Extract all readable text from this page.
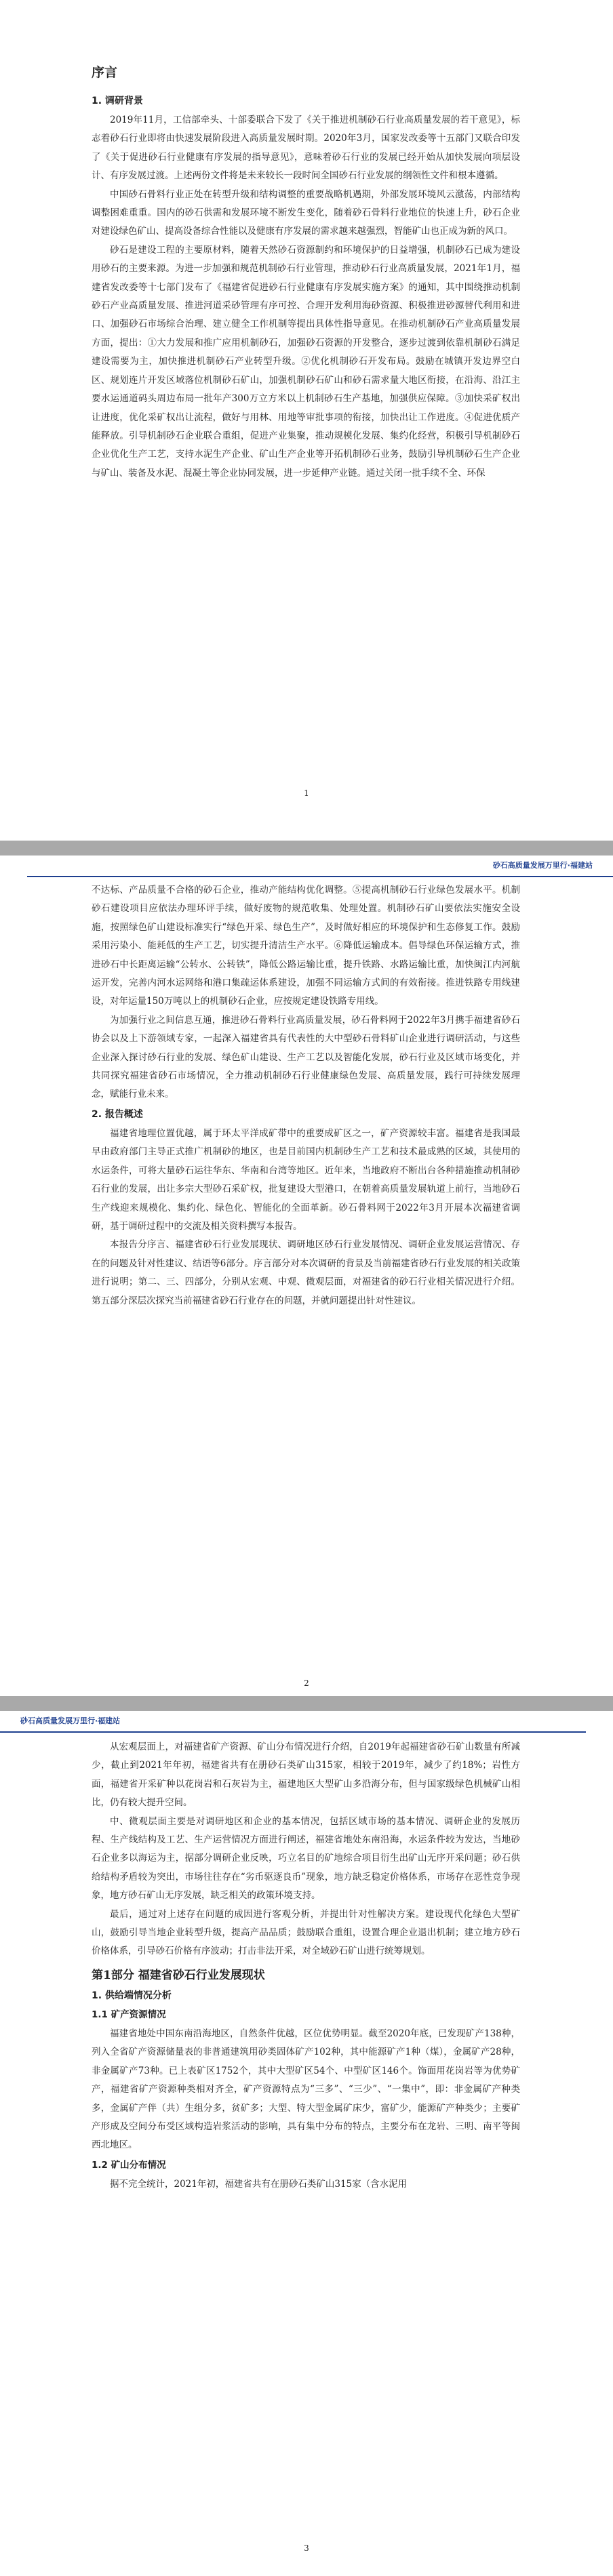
序言
1. 调研背景

2019年11月，工信部牵头、十部委联合下发了《关于推进机制砂石行业高质量发展的若干意见》，标志着砂石行业即将由快速发展阶段进入高质量发展时期。2020年3月，国家发改委等十五部门又联合印发了《关于促进砂石行业健康有序发展的指导意见》，意味着砂石行业的发展已经开始从加快发展向项层设计、有序发展过渡。上述两份文件将是未来较长一段时间全国砂石行业发展的纲领性文件和根本遵循。

中国砂石骨料行业正处在转型升级和结构调整的重要战略机遇期，外部发展环境风云激荡，内部结构调整困难重重。国内的砂石供需和发展环境不断发生变化，随着砂石骨料行业地位的快速上升，砂石企业对建设绿色矿山、提高设备综合性能以及健康有序发展的需求越来越强烈，智能矿山也正成为新的风口。

砂石是建设工程的主要原材料，随着天然砂石资源制约和环境保护的日益增强，机制砂石已成为建设用砂石的主要来源。为进一步加强和规范机制砂石行业管理，推动砂石行业高质量发展，2021年1月，福建省发改委等十七部门发布了《福建省促进砂石行业健康有序发展实施方案》的通知，其中围绕推动机制砂石产业高质量发展、推进河道采砂管理有序可控、合理开发利用海砂资源、积极推进砂源替代利用和进口、加强砂石市场综合治理、建立健全工作机制等提出具体性指导意见。在推动机制砂石产业高质量发展方面，提出：①大力发展和推广应用机制砂石，加强砂石资源的开发整合，逐步过渡到依靠机制砂石满足建设需要为主，加快推进机制砂石产业转型升级。②优化机制砂石开发布局。鼓励在城镇开发边界空白区、规划连片开发区域落位机制砂石矿山，加强机制砂石矿山和砂石需求量大地区衔接，在沿海、沿江主要水运通道码头周边布局一批年产300万立方米以上机制砂石生产基地，加强供应保障。③加快采矿权出让进度，优化采矿权出让流程，做好与用林、用地等审批事项的衔接，加快出让工作进度。④促进优质产能释放。引导机制砂石企业联合重组，促进产业集聚，推动规模化发展、集约化经营，积极引导机制砂石企业优化生产工艺，支持水泥生产企业、矿山生产企业等开拓机制砂石业务，鼓励引导机制砂石生产企业与矿山、装备及水泥、混凝土等企业协同发展，进一步延伸产业链。通过关闭一批手续不全、环保

1
砂石高质量发展万里行·福建站

不达标、产品质量不合格的砂石企业，推动产能结构优化调整。⑤提高机制砂石行业绿色发展水平。机制砂石建设项目应依法办理环评手续，做好废物的规范收集、处理处置。机制砂石矿山要依法实施安全设施，按照绿色矿山建设标准实行“绿色开采、绿色生产”，及时做好相应的环境保护和生态修复工作。鼓励采用污染小、能耗低的生产工艺，切实提升清洁生产水平。⑥降低运输成本。倡导绿色环保运输方式，推进砂石中长距离运输“公转水、公转铁”，降低公路运输比重，提升铁路、水路运输比重，加快闽江内河航运开发，完善内河水运网络和港口集疏运体系建设，加强不同运输方式间的有效衔接。推进铁路专用线建设，对年运量150万吨以上的机制砂石企业，应按规定建设铁路专用线。

为加强行业之间信息互通，推进砂石骨料行业高质量发展，砂石骨料网于2022年3月携手福建省砂石协会以及上下游领域专家，一起深入福建省具有代表性的大中型砂石骨料矿山企业进行调研活动，与这些企业深入探讨砂石行业的发展、绿色矿山建设、生产工艺以及智能化发展，砂石行业及区域市场变化，并共同探究福建省砂石市场情况，全力推动机制砂石行业健康绿色发展、高质量发展，践行可持续发展理念，赋能行业未来。

2. 报告概述

福建省地理位置优越，属于环太平洋成矿带中的重要成矿区之一，矿产资源较丰富。福建省是我国最早由政府部门主导正式推广机制砂的地区，也是目前国内机制砂生产工艺和技术最成熟的区域，其使用的水运条件，可将大量砂石运往华东、华南和台湾等地区。近年来，当地政府不断出台各种措施推动机制砂石行业的发展，出让多宗大型砂石采矿权，批复建设大型港口，在朝着高质量发展轨道上前行，当地砂石生产线迎来规模化、集约化、绿色化、智能化的全面革新。砂石骨料网于2022年3月开展本次福建省调研，基于调研过程中的交流及相关资料撰写本报告。

本报告分序言、福建省砂石行业发展现状、调研地区砂石行业发展情况、调研企业发展运营情况、存在的问题及针对性建议、结语等6部分。序言部分对本次调研的背景及当前福建省砂石行业发展的相关政策进行说明；第二、三、四部分，分别从宏观、中观、微观层面，对福建省的砂石行业相关情况进行介绍。第五部分深层次探究当前福建省砂石行业存在的问题，并就问题提出针对性建议。

2
砂石高质量发展万里行·福建站

从宏观层面上，对福建省矿产资源、矿山分布情况进行介绍，自2019年起福建省砂石矿山数量有所减少，截止到2021年年初，福建省共有在册砂石类矿山315家，相较于2019年，减少了约18%；岩性方面，福建省开采矿种以花岗岩和石灰岩为主，福建地区大型矿山多沿海分布，但与国家级绿色机械矿山相比，仍有较大提升空间。

中、微观层面主要是对调研地区和企业的基本情况，包括区域市场的基本情况、调研企业的发展历程、生产线结构及工艺、生产运营情况方面进行阐述，福建省地处东南沿海，水运条件较为发达，当地砂石企业多以海运为主，据部分调研企业反映，巧立名目的矿地综合项目衍生出矿山无序开采问题；砂石供给结构矛盾较为突出，市场往往存在“劣币驱逐良币”现象，地方缺乏稳定价格体系，市场存在恶性竞争现象，地方砂石矿山无序发展，缺乏相关的政策环境支持。

最后，通过对上述存在问题的成因进行客观分析，并提出针对性解决方案。建设现代化绿色大型矿山，鼓励引导当地企业转型升级，提高产品品质；鼓励联合重组，设置合理企业退出机制；建立地方砂石价格体系，引导砂石价格有序波动；打击非法开采，对全域砂石矿山进行统筹规划。

第1部分 福建省砂石行业发展现状
1. 供给端情况分析
1.1 矿产资源情况

福建省地处中国东南沿海地区，自然条件优越，区位优势明显。截至2020年底，已发现矿产138种，列入全省矿产资源储量表的非普通建筑用砂类固体矿产102种，其中能源矿产1种（煤），金属矿产28种，非金属矿产73种。已上表矿区1752个，其中大型矿区54个、中型矿区146个。饰面用花岗岩等为优势矿产，福建省矿产资源种类相对齐全，矿产资源特点为“三多”、“三少”、“一集中”，即：非金属矿产种类多，金属矿产伴（共）生组分多，贫矿多；大型、特大型金属矿床少，富矿少，能源矿产种类少；主要矿产形成及空间分布受区域构造岩浆活动的影响，具有集中分布的特点，主要分布在龙岩、三明、南平等闽西北地区。

1.2 矿山分布情况

据不完全统计，2021年初，福建省共有在册砂石类矿山315家（含水泥用

3
